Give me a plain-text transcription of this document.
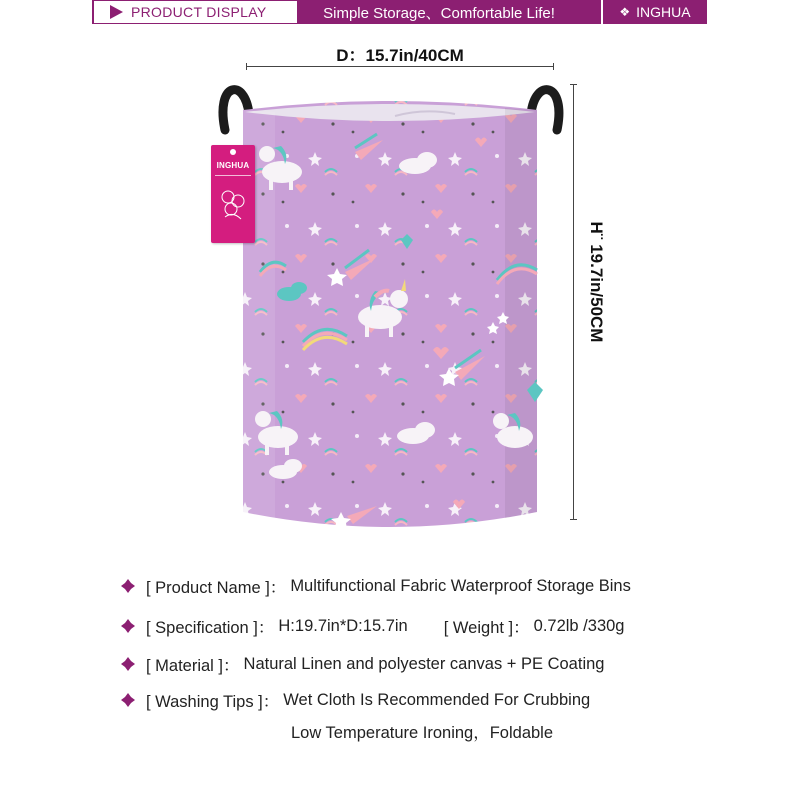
PRODUCT DISPLAY	Simple Storage、Comfortable Life!	❖ INGHUA
D：15.7in/40CM
H¨ 19.7in/50CM
INGHUA
[ Product Name ]： Multifunctional Fabric Waterproof Storage Bins
[ Specification ]： H:19.7in*D:15.7in [ Weight ]： 0.72lb /330g
[ Material ]： Natural Linen and polyester canvas + PE Coating
[ Washing Tips ]： Wet Cloth Is Recommended For Crubbing
Low Temperature Ironing，Foldable
